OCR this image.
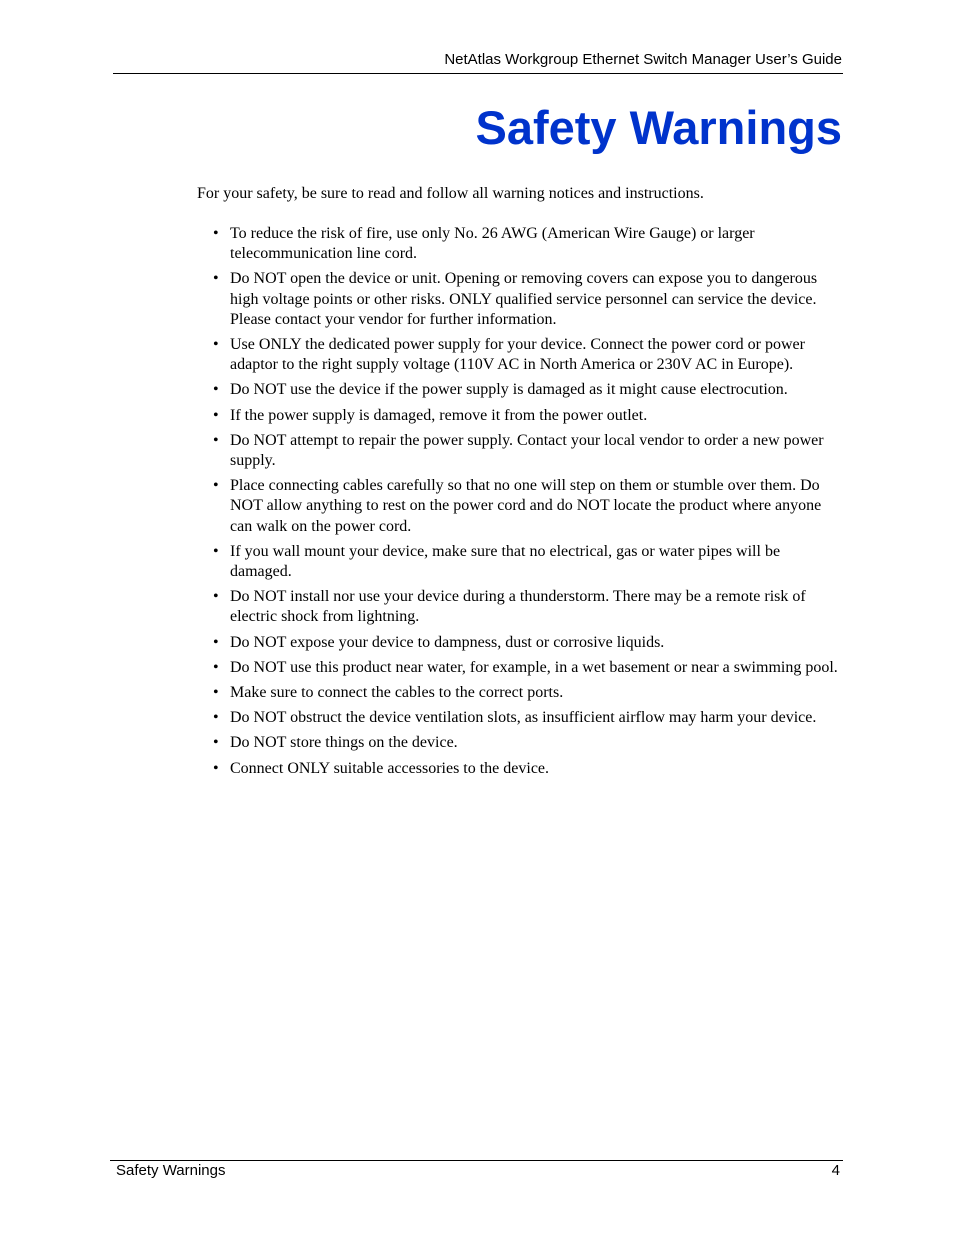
NetAtlas Workgroup Ethernet Switch Manager User’s Guide
Safety Warnings

For your safety, be sure to read and follow all warning notices and instructions.

• To reduce the risk of fire, use only No. 26 AWG (American Wire Gauge) or larger telecommunication line cord.
• Do NOT open the device or unit. Opening or removing covers can expose you to dangerous high voltage points or other risks. ONLY qualified service personnel can service the device. Please contact your vendor for further information.
• Use ONLY the dedicated power supply for your device. Connect the power cord or power adaptor to the right supply voltage (110V AC in North America or 230V AC in Europe).
• Do NOT use the device if the power supply is damaged as it might cause electrocution.
• If the power supply is damaged, remove it from the power outlet.
• Do NOT attempt to repair the power supply. Contact your local vendor to order a new power supply.
• Place connecting cables carefully so that no one will step on them or stumble over them. Do NOT allow anything to rest on the power cord and do NOT locate the product where anyone can walk on the power cord.
• If you wall mount your device, make sure that no electrical, gas or water pipes will be damaged.
• Do NOT install nor use your device during a thunderstorm. There may be a remote risk of electric shock from lightning.
• Do NOT expose your device to dampness, dust or corrosive liquids.
• Do NOT use this product near water, for example, in a wet basement or near a swimming pool.
• Make sure to connect the cables to the correct ports.
• Do NOT obstruct the device ventilation slots, as insufficient airflow may harm your device.
• Do NOT store things on the device.
• Connect ONLY suitable accessories to the device.
Safety Warnings	4
